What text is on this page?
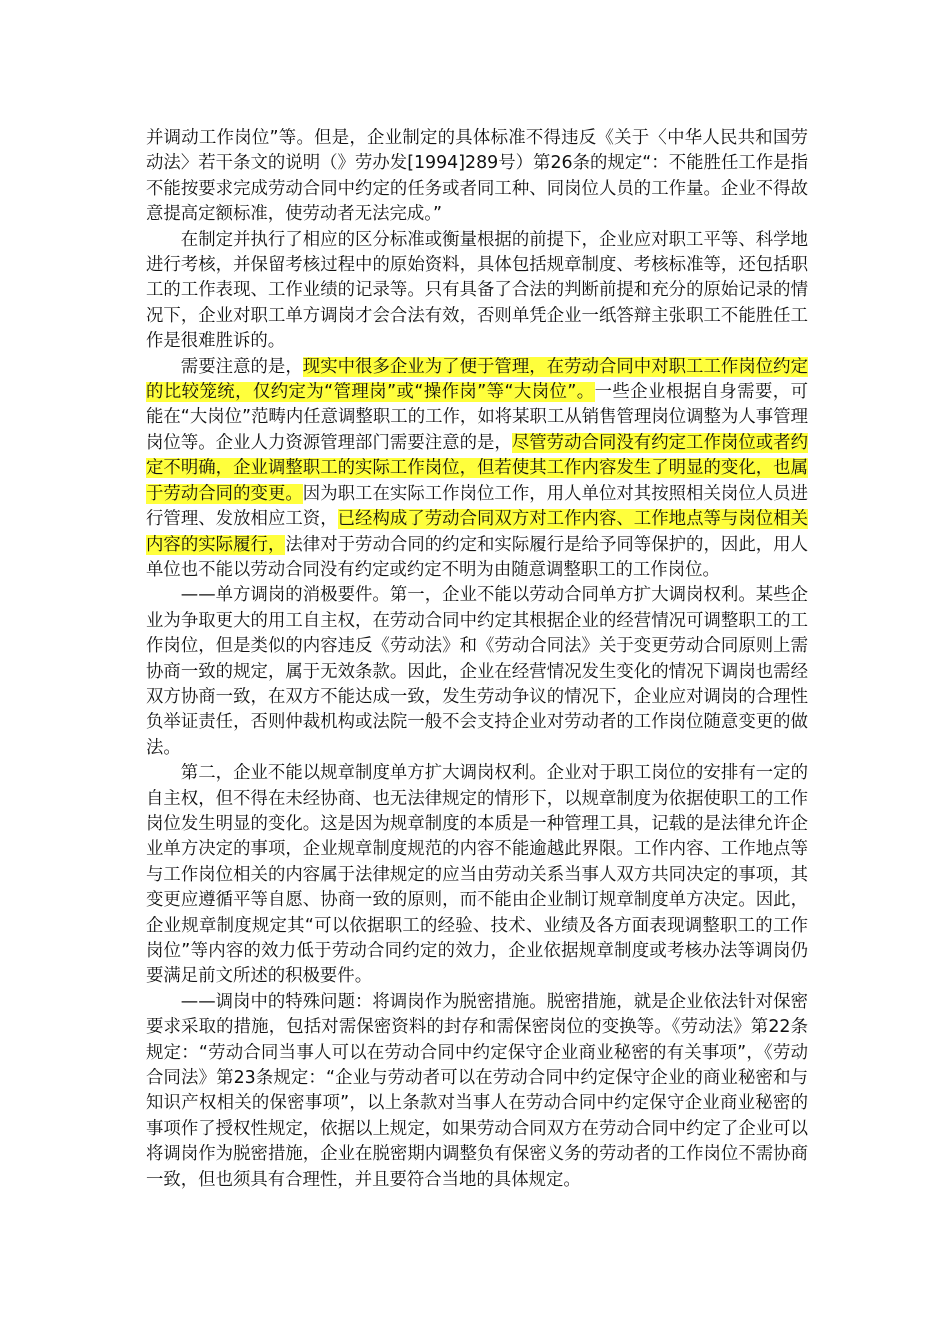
并调动工作岗位”等。但是，企业制定的具体标准不得违反《关于〈中华人民共和国劳动法〉若干条文的说明（》劳办发[1994]289号）第26条的规定“：不能胜任工作是指不能按要求完成劳动合同中约定的任务或者同工种、同岗位人员的工作量。企业不得故意提高定额标准，使劳动者无法完成。”

在制定并执行了相应的区分标准或衡量根据的前提下，企业应对职工平等、科学地进行考核，并保留考核过程中的原始资料，具体包括规章制度、考核标准等，还包括职工的工作表现、工作业绩的记录等。只有具备了合法的判断前提和充分的原始记录的情况下，企业对职工单方调岗才会合法有效，否则单凭企业一纸答辩主张职工不能胜任工作是很难胜诉的。

需要注意的是，现实中很多企业为了便于管理，在劳动合同中对职工工作岗位约定的比较笼统，仅约定为“管理岗”或“操作岗”等“大岗位”。一些企业根据自身需要，可能在“大岗位”范畴内任意调整职工的工作，如将某职工从销售管理岗位调整为人事管理岗位等。企业人力资源管理部门需要注意的是，尽管劳动合同没有约定工作岗位或者约定不明确，企业调整职工的实际工作岗位，但若使其工作内容发生了明显的变化，也属于劳动合同的变更。因为职工在实际工作岗位工作，用人单位对其按照相关岗位人员进行管理、发放相应工资，已经构成了劳动合同双方对工作内容、工作地点等与岗位相关内容的实际履行，法律对于劳动合同的约定和实际履行是给予同等保护的，因此，用人单位也不能以劳动合同没有约定或约定不明为由随意调整职工的工作岗位。

——单方调岗的消极要件。第一，企业不能以劳动合同单方扩大调岗权利。某些企业为争取更大的用工自主权，在劳动合同中约定其根据企业的经营情况可调整职工的工作岗位，但是类似的内容违反《劳动法》和《劳动合同法》关于变更劳动合同原则上需协商一致的规定，属于无效条款。因此，企业在经营情况发生变化的情况下调岗也需经双方协商一致，在双方不能达成一致，发生劳动争议的情况下，企业应对调岗的合理性负举证责任，否则仲裁机构或法院一般不会支持企业对劳动者的工作岗位随意变更的做法。

第二，企业不能以规章制度单方扩大调岗权利。企业对于职工岗位的安排有一定的自主权，但不得在未经协商、也无法律规定的情形下，以规章制度为依据使职工的工作岗位发生明显的变化。这是因为规章制度的本质是一种管理工具，记载的是法律允许企业单方决定的事项，企业规章制度规范的内容不能逾越此界限。工作内容、工作地点等与工作岗位相关的内容属于法律规定的应当由劳动关系当事人双方共同决定的事项，其变更应遵循平等自愿、协商一致的原则，而不能由企业制订规章制度单方决定。因此，企业规章制度规定其“可以依据职工的经验、技术、业绩及各方面表现调整职工的工作岗位”等内容的效力低于劳动合同约定的效力，企业依据规章制度或考核办法等调岗仍要满足前文所述的积极要件。

——调岗中的特殊问题：将调岗作为脱密措施。脱密措施，就是企业依法针对保密要求采取的措施，包括对需保密资料的封存和需保密岗位的变换等。《劳动法》第22条规定：“劳动合同当事人可以在劳动合同中约定保守企业商业秘密的有关事项”，《劳动合同法》第23条规定：“企业与劳动者可以在劳动合同中约定保守企业的商业秘密和与知识产权相关的保密事项”，以上条款对当事人在劳动合同中约定保守企业商业秘密的事项作了授权性规定，依据以上规定，如果劳动合同双方在劳动合同中约定了企业可以将调岗作为脱密措施，企业在脱密期内调整负有保密义务的劳动者的工作岗位不需协商一致，但也须具有合理性，并且要符合当地的具体规定。
